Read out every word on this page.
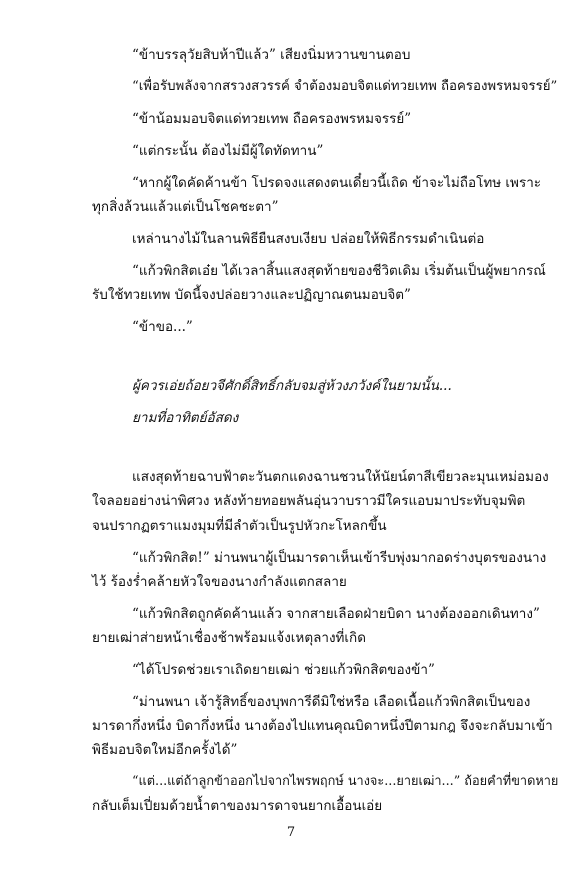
“ข้าบรรลุวัยสิบห้าปีแล้ว” เสียงนิ่มหวานขานตอบ
“เพื่อรับพลังจากสรวงสวรรค์ จำต้องมอบจิตแด่ทวยเทพ ถือครองพรหมจรรย์”
“ข้าน้อมมอบจิตแด่ทวยเทพ ถือครองพรหมจรรย์”
“แต่กระนั้น ต้องไม่มีผู้ใดทัดทาน”
“หากผู้ใดคัดค้านข้า โปรดจงแสดงตนเดี๋ยวนี้เถิด ข้าจะไม่ถือโทษ เพราะ
ทุกสิ่งล้วนแล้วแต่เป็นโชคชะตา”
เหล่านางไม้ในลานพิธียืนสงบเงียบ ปล่อยให้พิธีกรรมดำเนินต่อ
“แก้วพิกสิตเอ๋ย ได้เวลาสิ้นแสงสุดท้ายของชีวิตเดิม เริ่มต้นเป็นผู้พยากรณ์
รับใช้ทวยเทพ บัดนี้จงปล่อยวางและปฏิญาณตนมอบจิต”
“ข้าขอ...”
ผู้ควรเอ่ยถ้อยวจีศักดิ์สิทธิ์กลับจมสู่ห้วงภวังค์ในยามนั้น...
ยามที่อาทิตย์อัสดง
แสงสุดท้ายฉาบฟ้าตะวันตกแดงฉานชวนให้นัยน์ตาสีเขียวละมุนเหม่อมอง
ใจลอยอย่างน่าพิศวง หลังท้ายทอยพลันอุ่นวาบราวมีใครแอบมาประทับจุมพิต
จนปรากฏตราแมงมุมที่มีลำตัวเป็นรูปหัวกะโหลกขึ้น
“แก้วพิกสิต!” ม่านพนาผู้เป็นมารดาเห็นเข้ารีบพุ่งมากอดร่างบุตรของนาง
ไว้ ร้องร่ำคล้ายหัวใจของนางกำลังแตกสลาย
“แก้วพิกสิตถูกคัดค้านแล้ว จากสายเลือดฝ่ายบิดา นางต้องออกเดินทาง”
ยายเฒ่าส่ายหน้าเชื่องช้าพร้อมแจ้งเหตุลางที่เกิด
“ได้โปรดช่วยเราเถิดยายเฒ่า ช่วยแก้วพิกสิตของข้า”
“ม่านพนา เจ้ารู้สิทธิ์ของบุพการีดีมิใช่หรือ เลือดเนื้อแก้วพิกสิตเป็นของ
มารดากึ่งหนึ่ง บิดากึ่งหนึ่ง นางต้องไปแทนคุณบิดาหนึ่งปีตามกฎ จึงจะกลับมาเข้า
พิธีมอบจิตใหม่อีกครั้งได้”
“แต่...แต่ถ้าลูกข้าออกไปจากไพรพฤกษ์ นางจะ...ยายเฒ่า...” ถ้อยคำที่ขาดหาย
กลับเต็มเปี่ยมด้วยน้ำตาของมารดาจนยากเอื้อนเอ่ย
7
